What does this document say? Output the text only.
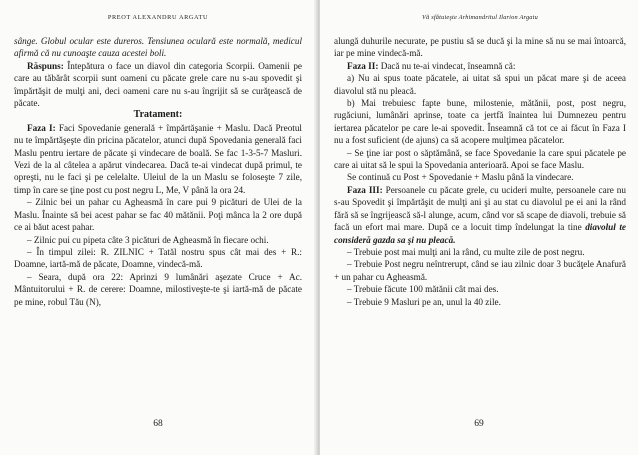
PREOT ALEXANDRU ARGATU

sânge. Globul ocular este dureros. Tensiunea oculară este normală, medicul afirmă că nu cunoaşte cauza acestei boli.

Răspuns: Întepătura o face un diavol din categoria Scorpii. Oamenii pe care au tăbărât scorpii sunt oameni cu păcate grele care nu s-au spovedit şi împărtăşit de mulţi ani, deci oameni care nu s-au îngrijit să se curăţească de păcate.

Tratament:

Faza I: Faci Spovedanie generală + împărtăşanie + Maslu. Dacă Preotul nu te împărtăşeşte din pricina păcatelor, atunci după Spovedania generală faci Maslu pentru iertare de păcate şi vindecare de boală. Se fac 1-3-5-7 Masluri. Vezi de la al câtelea a apărut vindecarea. Dacă te-ai vindecat după primul, te opreşti, nu le faci şi pe celelalte. Uleiul de la un Maslu se foloseşte 7 zile, timp în care se ţine post cu post negru L, Me, V până la ora 24.

– Zilnic bei un pahar cu Agheasmă în care pui 9 picături de Ulei de la Maslu. Înainte să bei acest pahar se fac 40 mătănii. Poţi mânca la 2 ore după ce ai băut acest pahar.

– Zilnic pui cu pipeta câte 3 picături de Agheasmă în fiecare ochi.

– În timpul zilei: R. ZILNIC + Tatăl nostru spus cât mai des + R.: Doamne, iartă-mă de păcate, Doamne, vindecă-mă.

– Seara, după ora 22: Aprinzi 9 lumânări aşezate Cruce + Ac. Mântuitorului + R. de cerere: Doamne, milostiveşte-te şi iartă-mă de păcate pe mine, robul Tău (N),

68
Vă sfătuieşte Arhimandritul Ilarion Argatu

alungă duhurile necurate, pe pustiu să se ducă şi la mine să nu se mai întoarcă, iar pe mine vindecă-mă.

Faza II: Dacă nu te-ai vindecat, înseamnă că:

a) Nu ai spus toate păcatele, ai uitat să spui un păcat mare şi de aceea diavolul stă nu pleacă.

b) Mai trebuiesc fapte bune, milostenie, mătănii, post, post negru, rugăciuni, lumânări aprinse, toate ca jertfă înaintea lui Dumnezeu pentru iertarea păcatelor pe care le-ai spovedit. Înseamnă că tot ce ai făcut în Faza I nu a fost suficient (de ajuns) ca să acopere mulţimea păcatelor.

– Se ţine iar post o săptămână, se face Spovedanie la care spui păcatele pe care ai uitat să le spui la Spovedania anterioară. Apoi se face Maslu.

Se continuă cu Post + Spovedanie + Maslu până la vindecare.

Faza III: Persoanele cu păcate grele, cu ucideri multe, persoanele care nu s-au Spovedit şi împărtăşit de mulţi ani şi au stat cu diavolul pe ei ani la rând fără să se îngrijească să-l alunge, acum, când vor să scape de diavoli, trebuie să facă un efort mai mare. După ce a locuit timp îndelungat la tine diavolul te consideră gazda sa şi nu pleacă.

– Trebuie post mai mulţi ani la rând, cu multe zile de post negru.

– Trebuie Post negru neîntrerupt, când se iau zilnic doar 3 bucăţele Anafură + un pahar cu Agheasmă.

– Trebuie făcute 100 mătănii cât mai des.

– Trebuie 9 Masluri pe an, unul la 40 zile.

69
